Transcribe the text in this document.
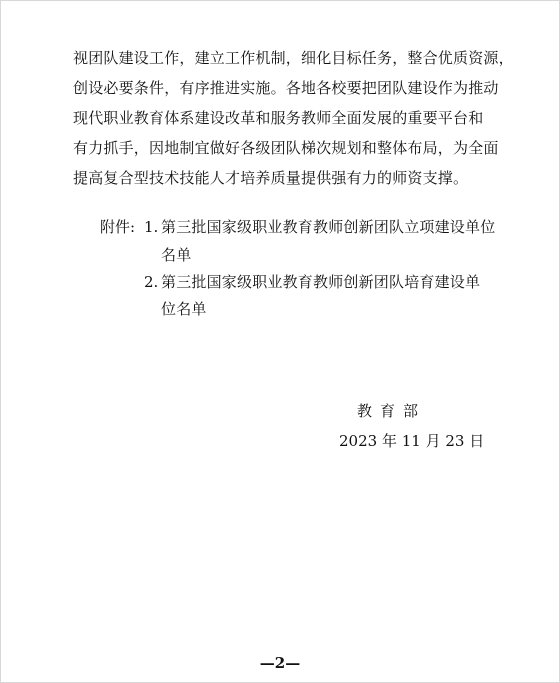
视团队建设工作，建立工作机制，细化目标任务，整合优质资源，
创设必要条件，有序推进实施。各地各校要把团队建设作为推动
现代职业教育体系建设改革和服务教师全面发展的重要平台和
有力抓手，因地制宜做好各级团队梯次规划和整体布局，为全面
提高复合型技术技能人才培养质量提供强有力的师资支撑。
附件: 1. 第三批国家级职业教育教师创新团队立项建设单位
名单
2. 第三批国家级职业教育教师创新团队培育建设单
位名单
教育部
2023 年 11 月 23 日
—2—
